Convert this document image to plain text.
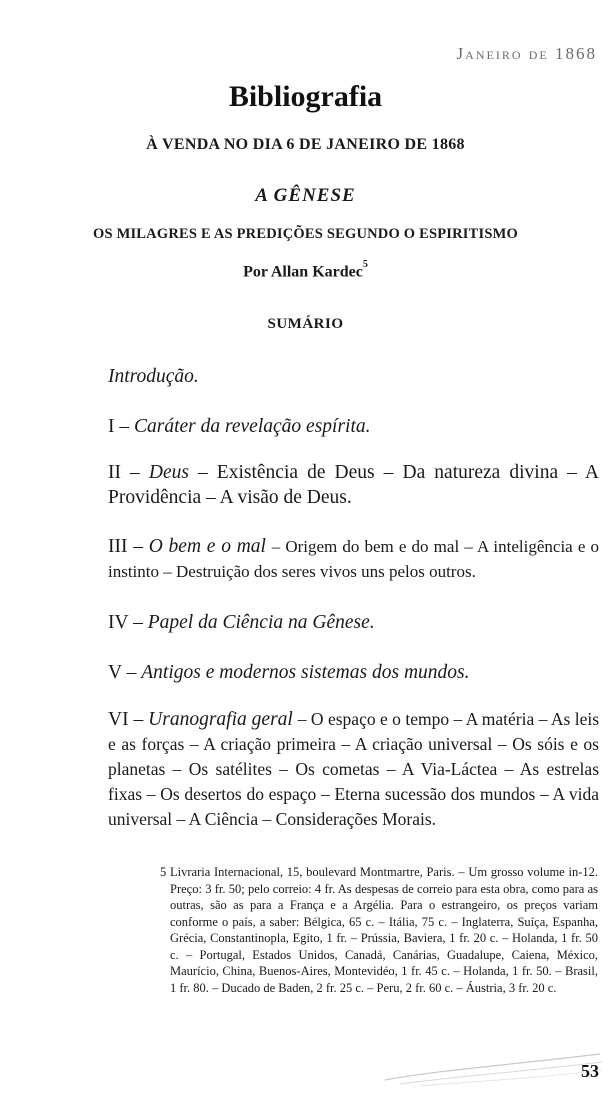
Janeiro de 1868
Bibliografia
À VENDA NO DIA 6 DE JANEIRO DE 1868
A GÊNESE
OS MILAGRES E AS PREDIÇÕES SEGUNDO O ESPIRITISMO
Por Allan Kardec$^5$
SUMÁRIO
Introdução.
I – Caráter da revelação espírita.
II – Deus – Existência de Deus – Da natureza divina – A Providência – A visão de Deus.
III – O bem e o mal – Origem do bem e do mal – A inteligência e o instinto – Destruição dos seres vivos uns pelos outros.
IV – Papel da Ciência na Gênese.
V – Antigos e modernos sistemas dos mundos.
VI – Uranografia geral – O espaço e o tempo – A matéria – As leis e as forças – A criação primeira – A criação universal – Os sóis e os planetas – Os satélites – Os cometas – A Via-Láctea – As estrelas fixas – Os desertos do espaço – Eterna sucessão dos mundos – A vida universal – A Ciência – Considerações Morais.
5 Livraria Internacional, 15, boulevard Montmartre, Paris. – Um grosso volume in-12. Preço: 3 fr. 50; pelo correio: 4 fr. As despesas de correio para esta obra, como para as outras, são as para a França e a Argélia. Para o estrangeiro, os preços variam conforme o país, a saber: Bélgica, 65 c. – Itália, 75 c. – Inglaterra, Suíça, Espanha, Grécia, Constantinopla, Egito, 1 fr. – Prússia, Baviera, 1 fr. 20 c. – Holanda, 1 fr. 50 c. – Portugal, Estados Unidos, Canadá, Canárias, Guadalupe, Caiena, México, Maurício, China, Buenos-Aires, Montevidéo, 1 fr. 45 c. – Holanda, 1 fr. 50. – Brasil, 1 fr. 80. – Ducado de Baden, 2 fr. 25 c. – Peru, 2 fr. 60 c. – Áustria, 3 fr. 20 c.
53
